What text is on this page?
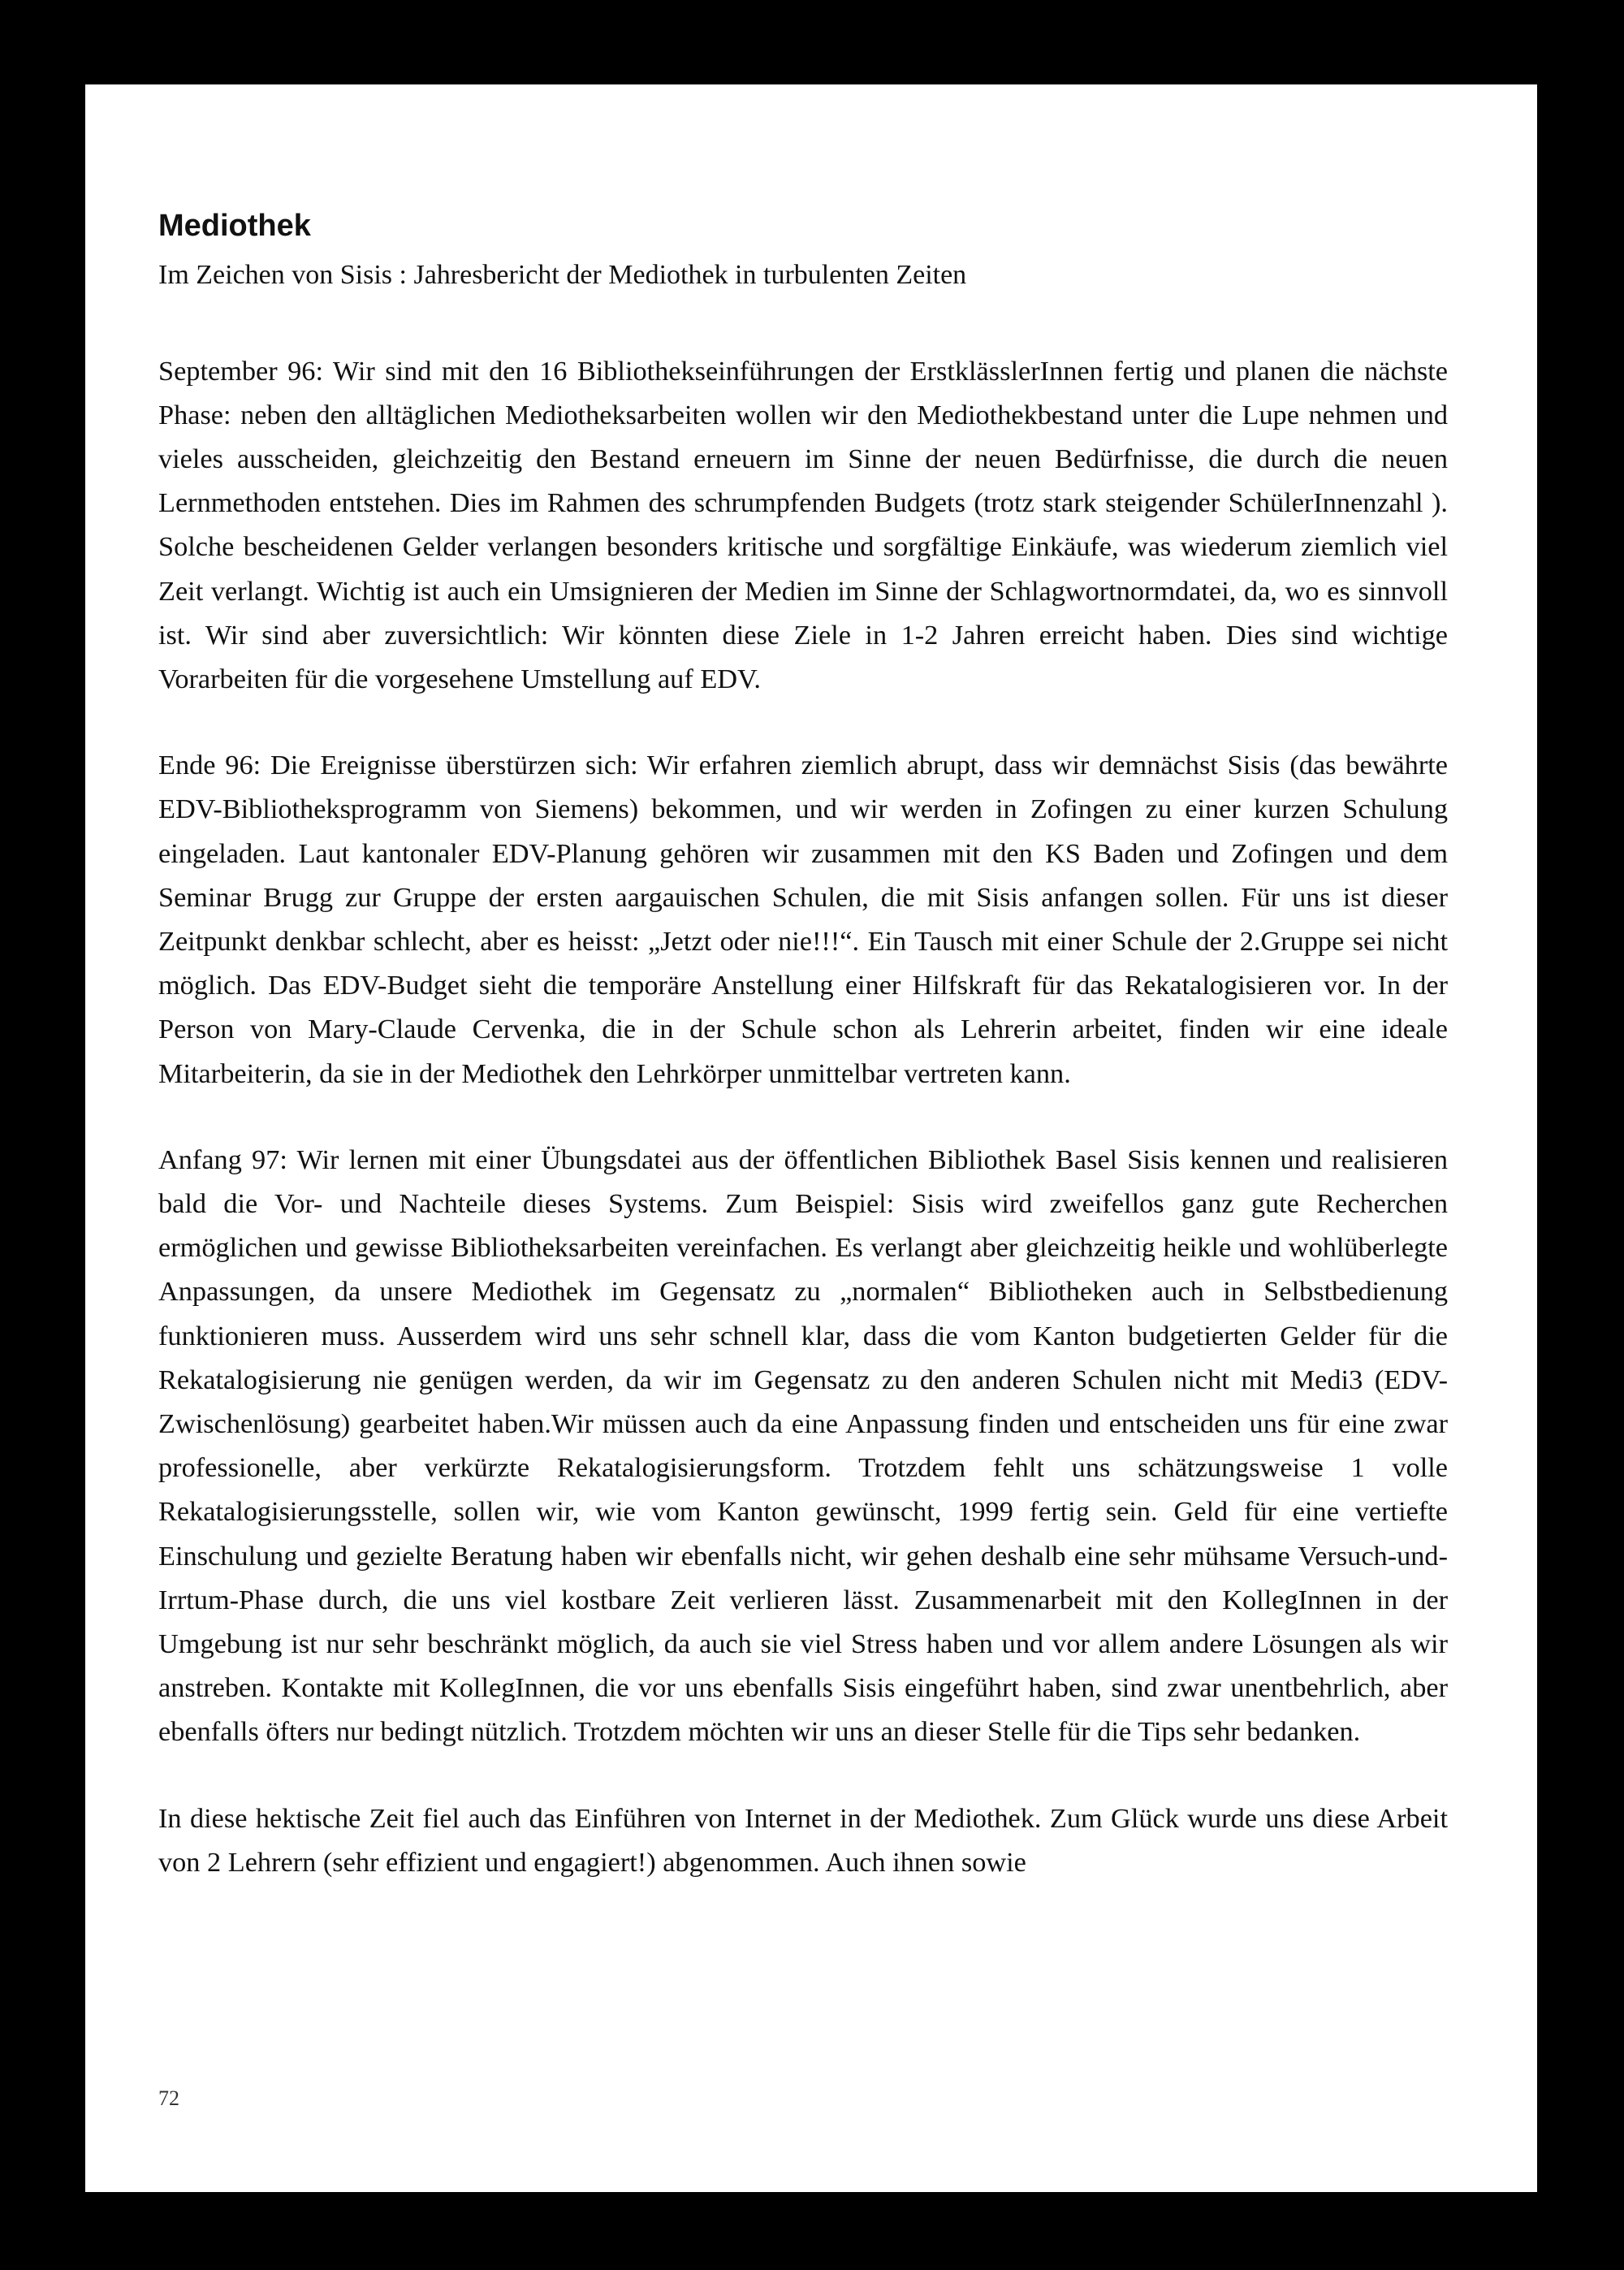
Mediothek

Im Zeichen von Sisis : Jahresbericht der Mediothek in turbulenten Zeiten

September 96: Wir sind mit den 16 Bibliothekseinführungen der ErstklässlerInnen fertig und planen die nächste Phase: neben den alltäglichen Mediotheksarbeiten wollen wir den Mediothekbestand unter die Lupe nehmen und vieles ausscheiden, gleichzeitig den Bestand erneuern im Sinne der neuen Bedürfnisse, die durch die neuen Lernmethoden entstehen. Dies im Rahmen des schrumpfenden Budgets (trotz stark steigender SchülerInnenzahl ). Solche bescheidenen Gelder verlangen besonders kritische und sorgfältige Einkäufe, was wiederum ziemlich viel Zeit verlangt. Wichtig ist auch ein Umsignieren der Medien im Sinne der Schlagwortnormdatei, da, wo es sinnvoll ist. Wir sind aber zuversichtlich: Wir könnten diese Ziele in 1-2 Jahren erreicht haben. Dies sind wichtige Vorarbeiten für die vorgesehene Umstellung auf EDV.

Ende 96: Die Ereignisse überstürzen sich: Wir erfahren ziemlich abrupt, dass wir demnächst Sisis (das bewährte EDV-Bibliotheksprogramm von Siemens) bekommen, und wir werden in Zofingen zu einer kurzen Schulung eingeladen. Laut kantonaler EDV-Planung gehören wir zusammen mit den KS Baden und Zofingen und dem Seminar Brugg zur Gruppe der ersten aargauischen Schulen, die mit Sisis anfangen sollen. Für uns ist dieser Zeitpunkt denkbar schlecht, aber es heisst: „Jetzt oder nie!!!“. Ein Tausch mit einer Schule der 2.Gruppe sei nicht möglich. Das EDV-Budget sieht die temporäre Anstellung einer Hilfskraft für das Rekatalogisieren vor. In der Person von Mary-Claude Cervenka, die in der Schule schon als Lehrerin arbeitet, finden wir eine ideale Mitarbeiterin, da sie in der Mediothek den Lehrkörper unmittelbar vertreten kann.

Anfang 97: Wir lernen mit einer Übungsdatei aus der öffentlichen Bibliothek Basel Sisis kennen und realisieren bald die Vor- und Nachteile dieses Systems. Zum Beispiel: Sisis wird zweifellos ganz gute Recherchen ermöglichen und gewisse Bibliotheksarbeiten vereinfachen. Es verlangt aber gleichzeitig heikle und wohlüberlegte Anpassungen, da unsere Mediothek im Gegensatz zu „normalen“ Bibliotheken auch in Selbstbedienung funktionieren muss. Ausserdem wird uns sehr schnell klar, dass die vom Kanton budgetierten Gelder für die Rekatalogisierung nie genügen werden, da wir im Gegensatz zu den anderen Schulen nicht mit Medi3 (EDV-Zwischenlösung) gearbeitet haben.Wir müssen auch da eine Anpassung finden und entscheiden uns für eine zwar professionelle, aber verkürzte Rekatalogisierungsform. Trotzdem fehlt uns schätzungsweise 1 volle Rekatalogisierungsstelle, sollen wir, wie vom Kanton gewünscht, 1999 fertig sein. Geld für eine vertiefte Einschulung und gezielte Beratung haben wir ebenfalls nicht, wir gehen deshalb eine sehr mühsame Versuch-und-Irrtum-Phase durch, die uns viel kostbare Zeit verlieren lässt. Zusammenarbeit mit den KollegInnen in der Umgebung ist nur sehr beschränkt möglich, da auch sie viel Stress haben und vor allem andere Lösungen als wir anstreben. Kontakte mit KollegInnen, die vor uns ebenfalls Sisis eingeführt haben, sind zwar unentbehrlich, aber ebenfalls öfters nur bedingt nützlich. Trotzdem möchten wir uns an dieser Stelle für die Tips sehr bedanken.

In diese hektische Zeit fiel auch das Einführen von Internet in der Mediothek. Zum Glück wurde uns diese Arbeit von 2 Lehrern (sehr effizient und engagiert!) abgenommen. Auch ihnen sowie

72
